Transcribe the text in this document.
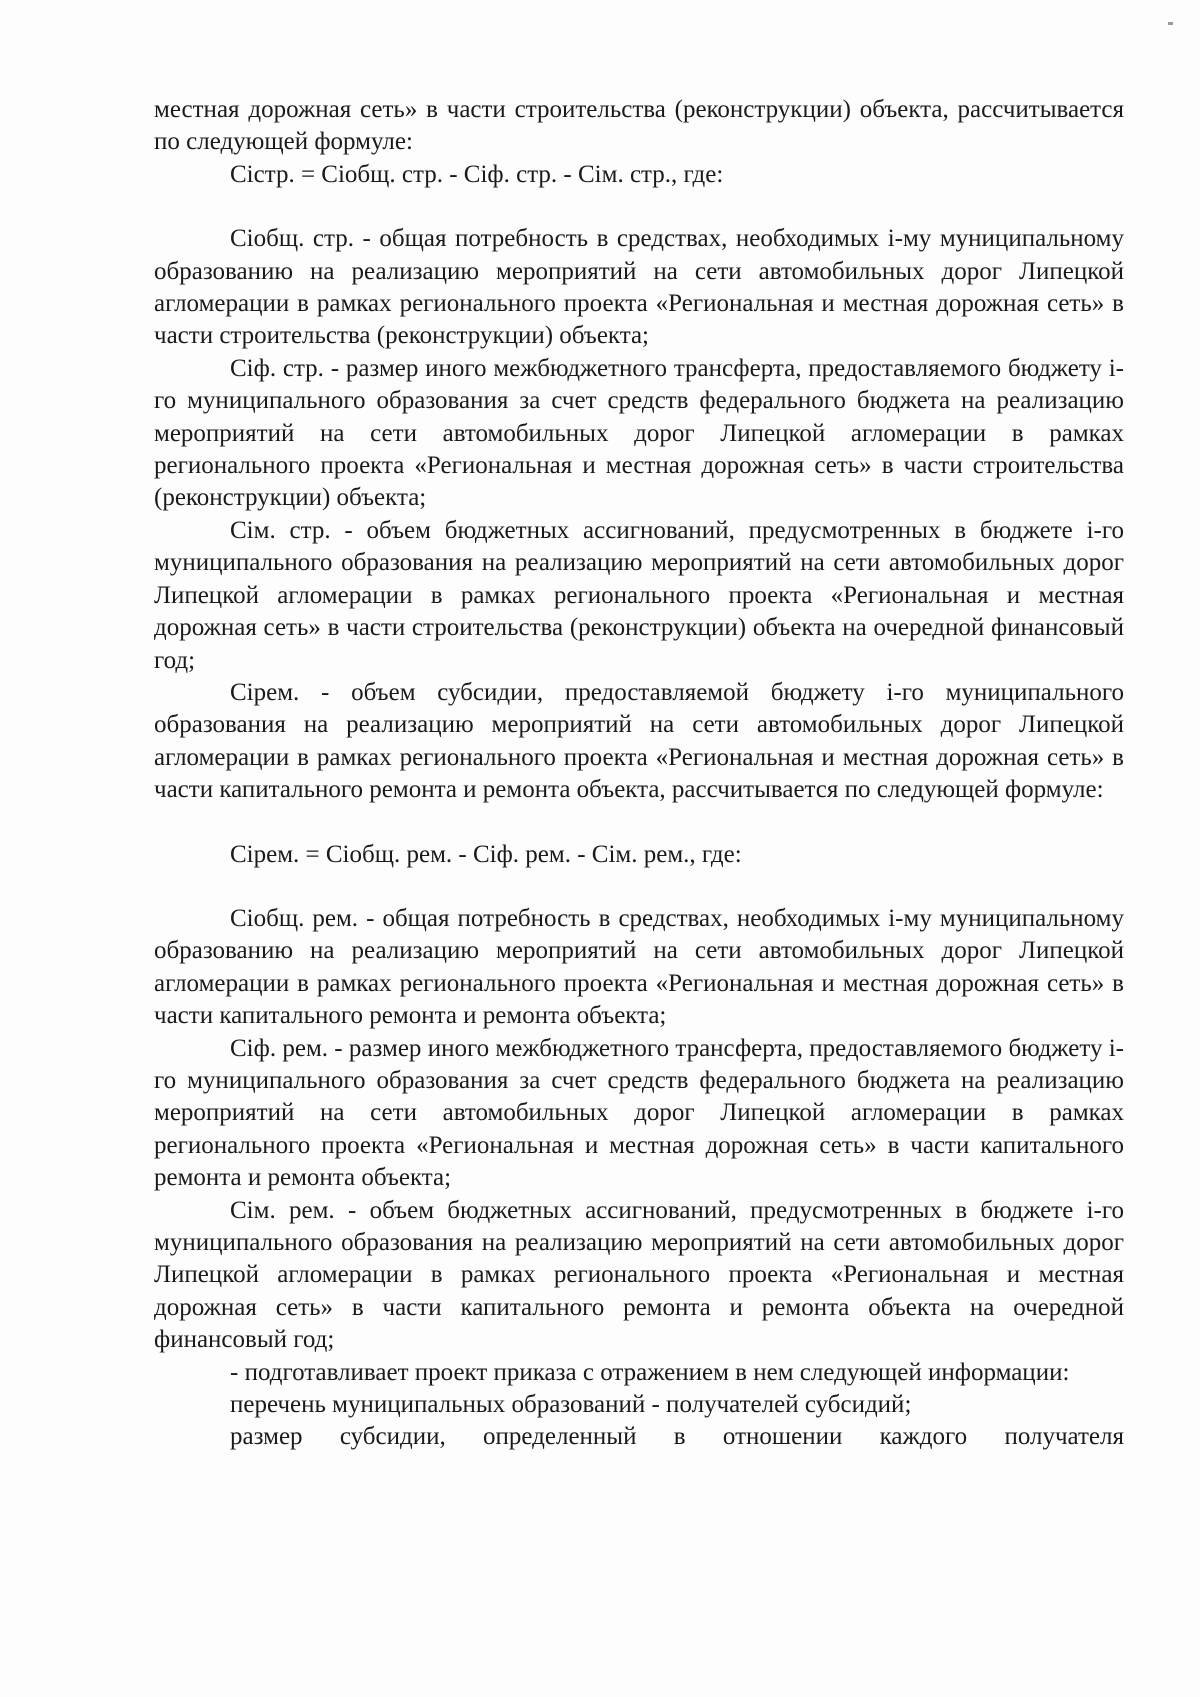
местная дорожная сеть» в части строительства (реконструкции) объекта, рассчитывается по следующей формуле:

Сiстр. = Сiобщ. стр. - Сiф. стр. - Сiм. стр., где:

Сiобщ. стр. - общая потребность в средствах, необходимых i-му муниципальному образованию на реализацию мероприятий на сети автомобильных дорог Липецкой агломерации в рамках регионального проекта «Региональная и местная дорожная сеть» в части строительства (реконструкции) объекта;

Сiф. стр. - размер иного межбюджетного трансферта, предоставляемого бюджету i-го муниципального образования за счет средств федерального бюджета на реализацию мероприятий на сети автомобильных дорог Липецкой агломерации в рамках регионального проекта «Региональная и местная дорожная сеть» в части строительства (реконструкции) объекта;

Сiм. стр. - объем бюджетных ассигнований, предусмотренных в бюджете i-го муниципального образования на реализацию мероприятий на сети автомобильных дорог Липецкой агломерации в рамках регионального проекта «Региональная и местная дорожная сеть» в части строительства (реконструкции) объекта на очередной финансовый год;

Сiрем. - объем субсидии, предоставляемой бюджету i-го муниципального образования на реализацию мероприятий на сети автомобильных дорог Липецкой агломерации в рамках регионального проекта «Региональная и местная дорожная сеть» в части капитального ремонта и ремонта объекта, рассчитывается по следующей формуле:

Сiрем. = Сiобщ. рем. - Сiф. рем. - Сiм. рем., где:

Сiобщ. рем. - общая потребность в средствах, необходимых i-му муниципальному образованию на реализацию мероприятий на сети автомобильных дорог Липецкой агломерации в рамках регионального проекта «Региональная и местная дорожная сеть» в части капитального ремонта и ремонта объекта;

Сiф. рем. - размер иного межбюджетного трансферта, предоставляемого бюджету i-го муниципального образования за счет средств федерального бюджета на реализацию мероприятий на сети автомобильных дорог Липецкой агломерации в рамках регионального проекта «Региональная и местная дорожная сеть» в части капитального ремонта и ремонта объекта;

Сiм. рем. - объем бюджетных ассигнований, предусмотренных в бюджете i-го муниципального образования на реализацию мероприятий на сети автомобильных дорог Липецкой агломерации в рамках регионального проекта «Региональная и местная дорожная сеть» в части капитального ремонта и ремонта объекта на очередной финансовый год;

- подготавливает проект приказа с отражением в нем следующей информации:

перечень муниципальных образований - получателей субсидий;

размер субсидии, определенный в отношении каждого получателя
